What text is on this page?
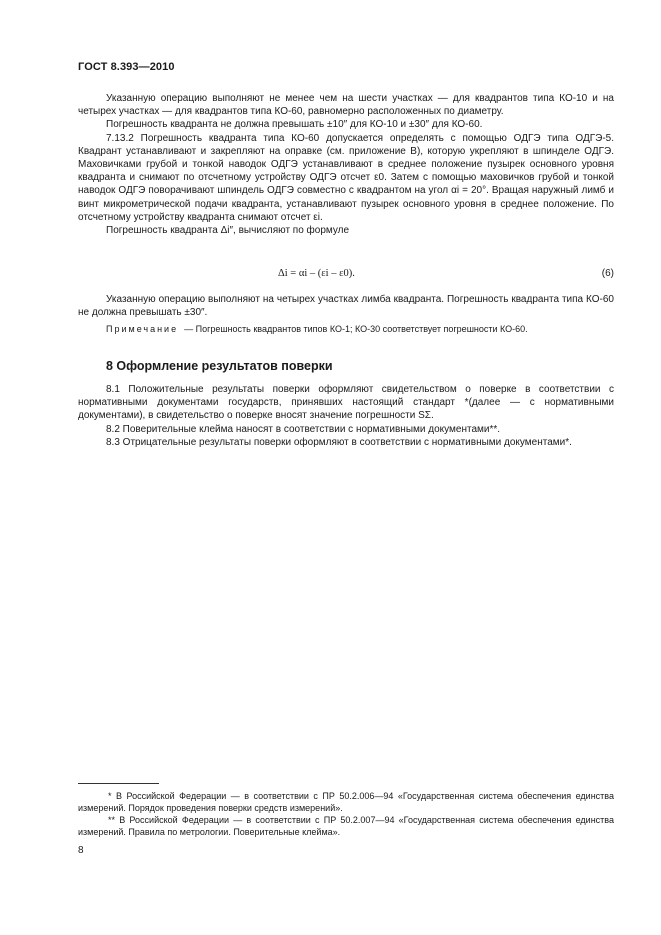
ГОСТ 8.393—2010

Указанную операцию выполняют не менее чем на шести участках — для квадрантов типа КО-10 и на четырех участках — для квадрантов типа КО-60, равномерно расположенных по диаметру.

Погрешность квадранта не должна превышать ±10″ для КО-10 и ±30″ для КО-60.

7.13.2 Погрешность квадранта типа КО-60 допускается определять с помощью ОДГЭ типа ОДГЭ-5. Квадрант устанавливают и закрепляют на оправке (см. приложение В), которую укрепляют в шпинделе ОДГЭ. Маховичками грубой и тонкой наводок ОДГЭ устанавливают в среднее положение пузырек основного уровня квадранта и снимают по отсчетному устройству ОДГЭ отсчет ε0. Затем с помощью маховичков грубой и тонкой наводок ОДГЭ поворачивают шпиндель ОДГЭ совместно с квадрантом на угол αi = 20°. Вращая наружный лимб и винт микрометрической подачи квадранта, устанавливают пузырек основного уровня в среднее положение. По отсчетному устройству квадранта снимают отсчет εi.

Погрешность квадранта Δi″, вычисляют по формуле

Δi = αi – (εi – ε0).	(6)

Указанную операцию выполняют на четырех участках лимба квадранта. Погрешность квадранта типа КО-60 не должна превышать ±30″.

Примечание — Погрешность квадрантов типов КО-1; КО-30 соответствует погрешности КО-60.
8 Оформление результатов поверки

8.1 Положительные результаты поверки оформляют свидетельством о поверке в соответствии с нормативными документами государств, принявших настоящий стандарт *(далее — с нормативными документами), в свидетельство о поверке вносят значение погрешности SΣ.

8.2 Поверительные клейма наносят в соответствии с нормативными документами**.

8.3 Отрицательные результаты поверки оформляют в соответствии с нормативными документами*.

* В Российской Федерации — в соответствии с ПР 50.2.006—94 «Государственная система обеспечения единства измерений. Порядок проведения поверки средств измерений».

** В Российской Федерации — в соответствии с ПР 50.2.007—94 «Государственная система обеспечения единства измерений. Правила по метрологии. Поверительные клейма».

8
